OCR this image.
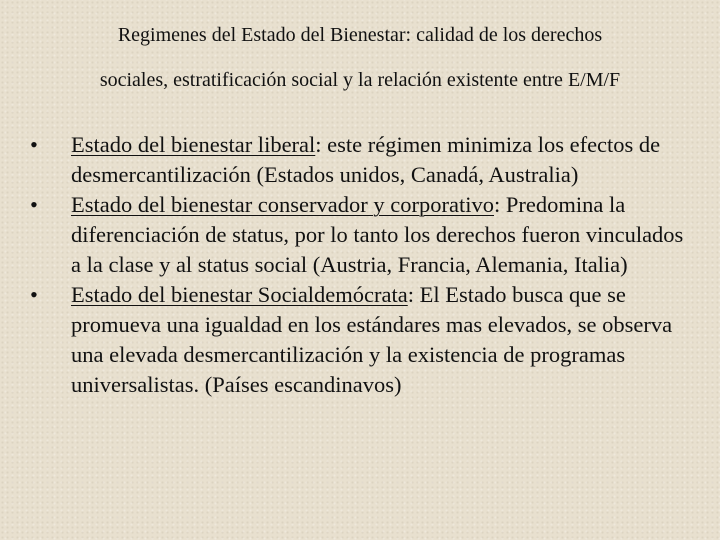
Regimenes del Estado del Bienestar: calidad de los derechos
sociales, estratificación social y la relación existente entre E/M/F
•	Estado del bienestar liberal: este régimen minimiza los efectos de desmercantilización (Estados unidos, Canadá, Australia)
•	Estado del bienestar conservador y corporativo: Predomina la diferenciación de status, por lo tanto los derechos fueron vinculados a la clase y al status social (Austria, Francia, Alemania, Italia)
•	Estado del bienestar Socialdemócrata: El Estado busca que se promueva una igualdad en los estándares mas elevados, se observa una elevada desmercantilización y la existencia de programas universalistas. (Países escandinavos)
